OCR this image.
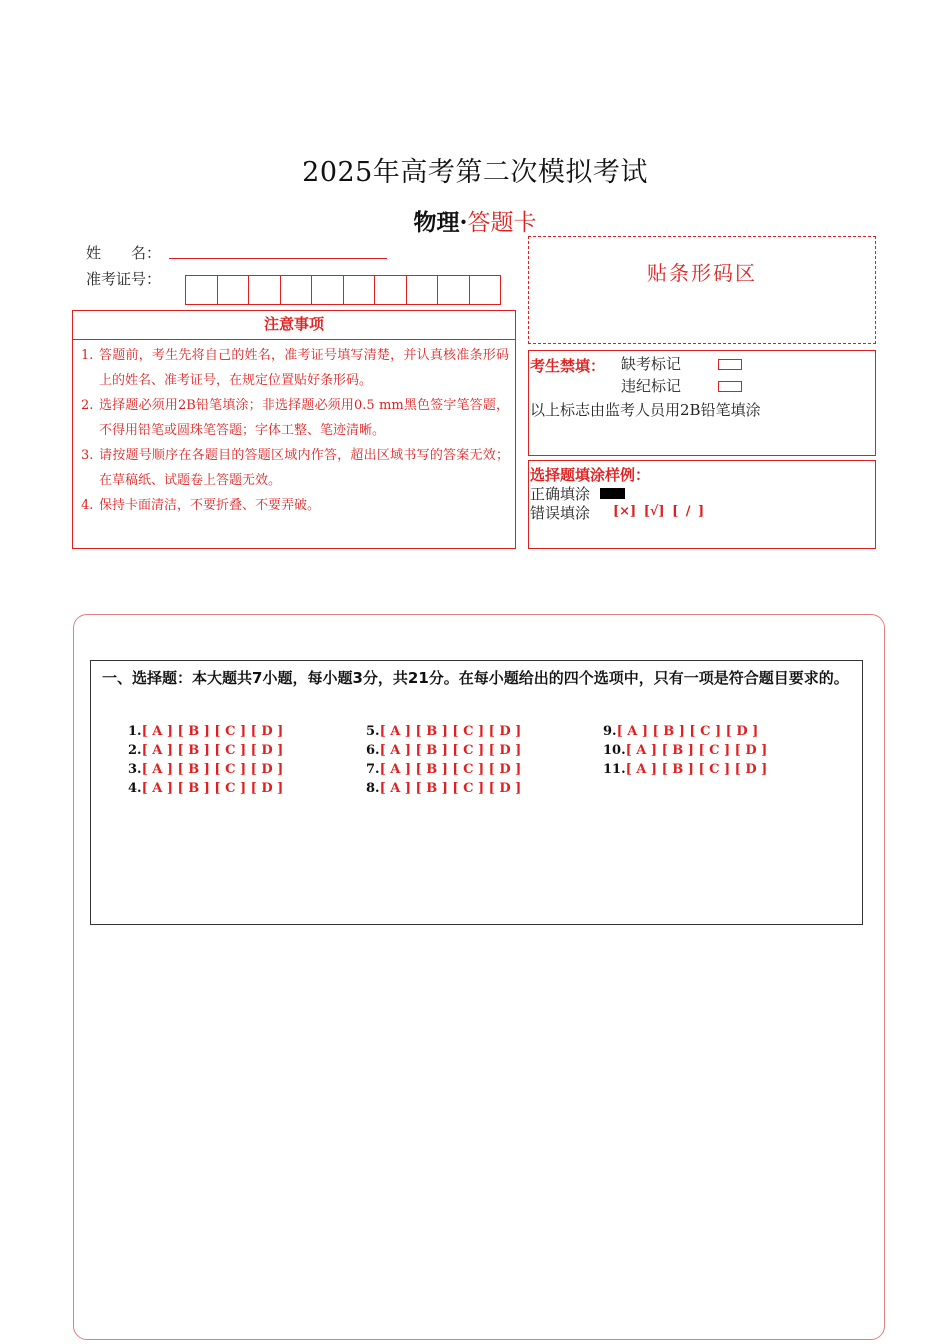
2025年高考第二次模拟考试
物理·答题卡
姓　　名：
准考证号：	贴条形码区
注意事项
1. 答题前，考生先将自己的姓名，准考证号填写清楚，并认真核准条形码上的姓名、准考证号，在规定位置贴好条形码。
2. 选择题必须用2B铅笔填涂；非选择题必须用0.5 mm黑色签字笔答题，不得用铅笔或圆珠笔答题；字体工整、笔迹清晰。
3. 请按题号顺序在各题目的答题区域内作答，超出区域书写的答案无效；在草稿纸、试题卷上答题无效。
4. 保持卡面清洁，不要折叠、不要弄破。
考生禁填： 缺考标记
违纪标记
以上标志由监考人员用2B铅笔填涂
选择题填涂样例：
正确填涂
错误填涂 [×] [√] [ / ]
一、选择题：本大题共7小题，每小题3分，共21分。在每小题给出的四个选项中，只有一项是符合题目要求的。
1.[ A ] [ B ] [ C ] [ D ]
2.[ A ] [ B ] [ C ] [ D ]
3.[ A ] [ B ] [ C ] [ D ]
4.[ A ] [ B ] [ C ] [ D ]
5.[ A ] [ B ] [ C ] [ D ]
6.[ A ] [ B ] [ C ] [ D ]
7.[ A ] [ B ] [ C ] [ D ]
8.[ A ] [ B ] [ C ] [ D ]
9.[ A ] [ B ] [ C ] [ D ]
10.[ A ] [ B ] [ C ] [ D ]
11.[ A ] [ B ] [ C ] [ D ]
